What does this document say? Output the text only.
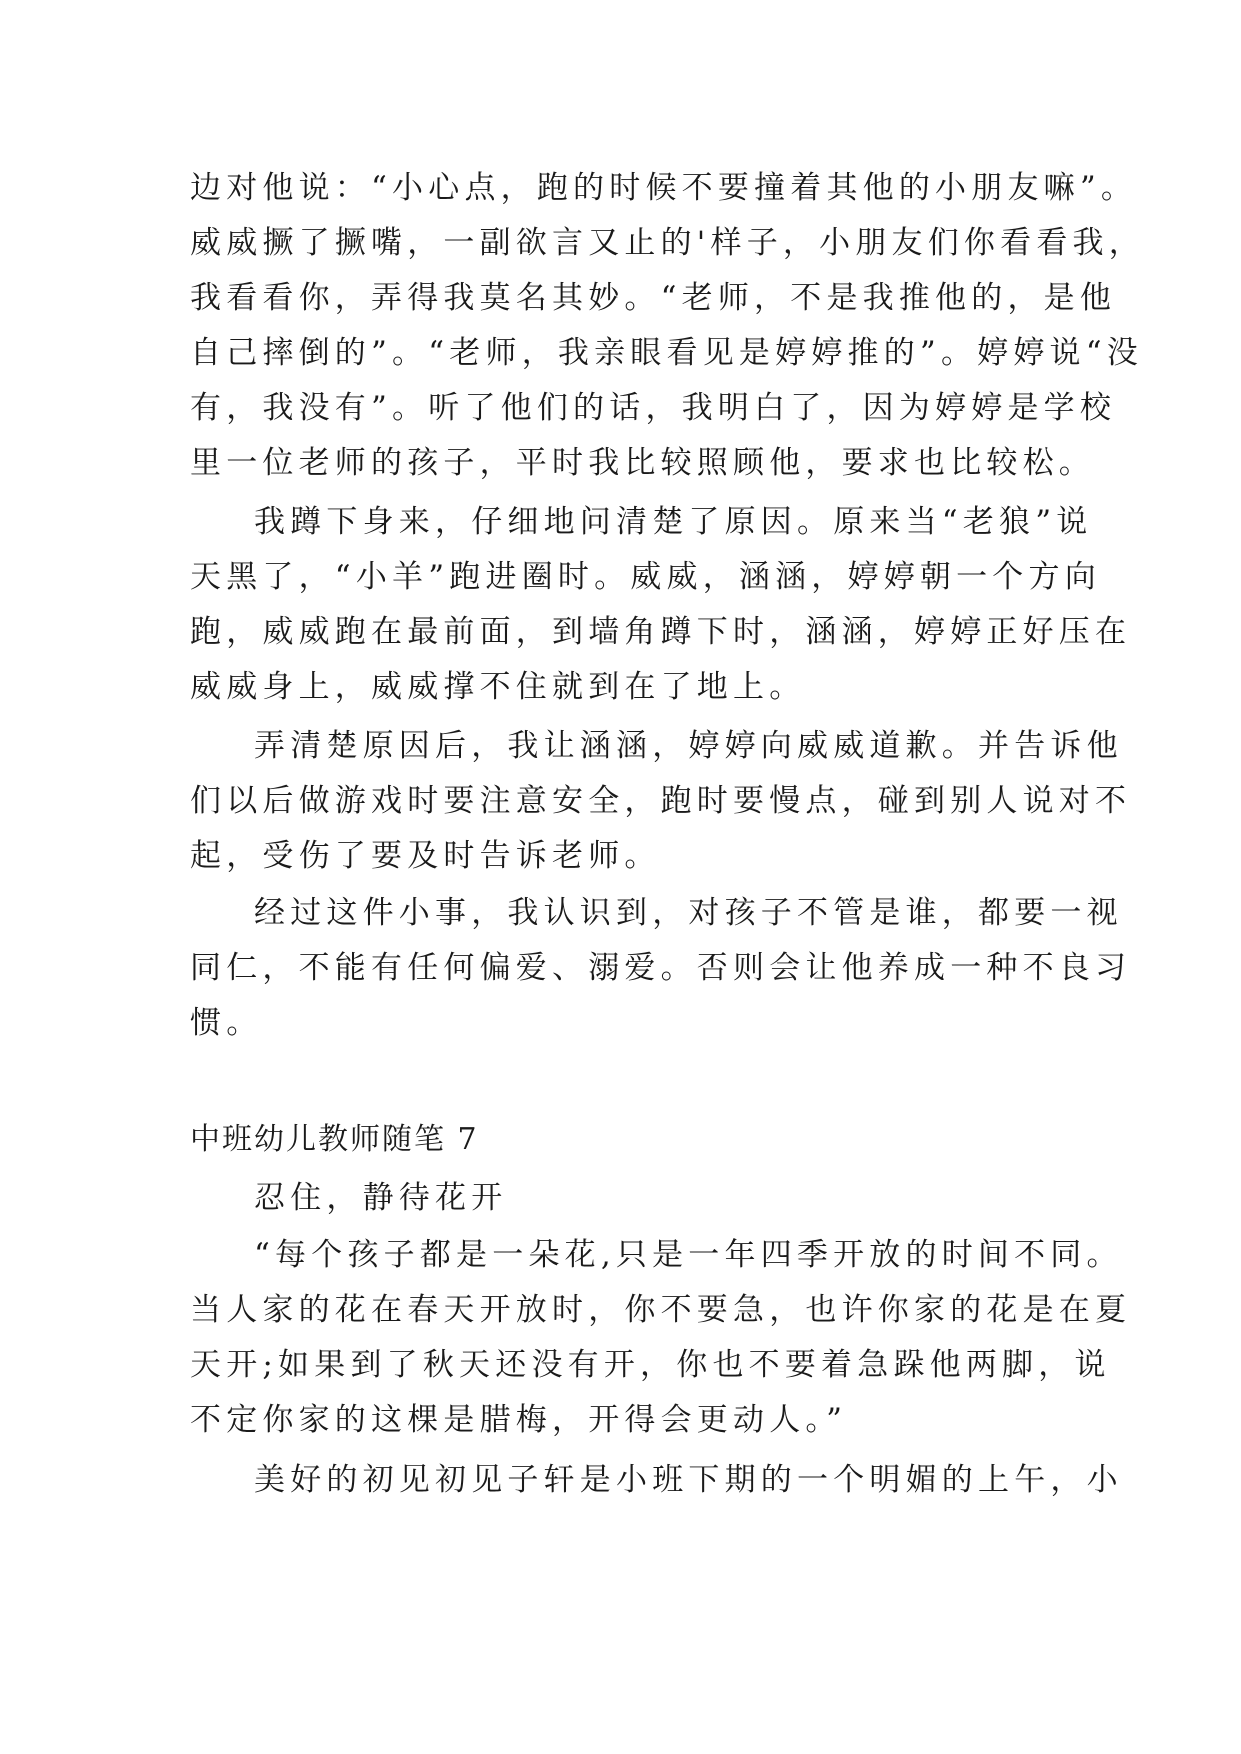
边对他说：“小心点，跑的时候不要撞着其他的小朋友嘛”。
威威撅了撅嘴，一副欲言又止的'样子，小朋友们你看看我，
我看看你，弄得我莫名其妙。“老师，不是我推他的，是他
自己摔倒的”。“老师，我亲眼看见是婷婷推的”。婷婷说“没
有，我没有”。听了他们的话，我明白了，因为婷婷是学校
里一位老师的孩子，平时我比较照顾他，要求也比较松。
我蹲下身来，仔细地问清楚了原因。原来当“老狼”说
天黑了，“小羊”跑进圈时。威威，涵涵，婷婷朝一个方向
跑，威威跑在最前面，到墙角蹲下时，涵涵，婷婷正好压在
威威身上，威威撑不住就到在了地上。
弄清楚原因后，我让涵涵，婷婷向威威道歉。并告诉他
们以后做游戏时要注意安全，跑时要慢点，碰到别人说对不
起，受伤了要及时告诉老师。
经过这件小事，我认识到，对孩子不管是谁，都要一视
同仁，不能有任何偏爱、溺爱。否则会让他养成一种不良习
惯。
中班幼儿教师随笔 7
忍住，静待花开
“每个孩子都是一朵花,只是一年四季开放的时间不同。
当人家的花在春天开放时，你不要急，也许你家的花是在夏
天开;如果到了秋天还没有开，你也不要着急跺他两脚，说
不定你家的这棵是腊梅，开得会更动人。”
美好的初见初见子轩是小班下期的一个明媚的上午，小
